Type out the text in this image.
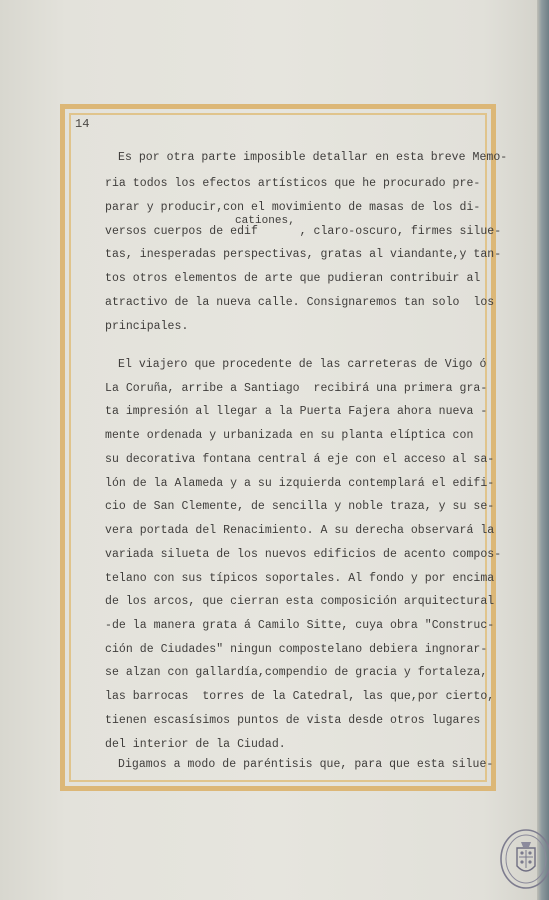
14
Es por otra parte imposible detallar en esta breve Memo-
ria todos los efectos artísticos que he procurado pre-
parar y producir,con el movimiento de masas de los di-
cationes,
versos cuerpos de edif      , claro-oscuro, firmes silue-
tas, inesperadas perspectivas, gratas al viandante,y tan-
tos otros elementos de arte que pudieran contribuir al
atractivo de la nueva calle. Consignaremos tan solo  los
principales.
El viajero que procedente de las carreteras de Vigo ó
La Coruña, arribe a Santiago  recibirá una primera gra-
ta impresión al llegar a la Puerta Fajera ahora nueva -
mente ordenada y urbanizada en su planta elíptica con
su decorativa fontana central á eje con el acceso al sa-
lón de la Alameda y a su izquierda contemplará el edifi-
cio de San Clemente, de sencilla y noble traza, y su se-
vera portada del Renacimiento. A su derecha observará la
variada silueta de los nuevos edificios de acento compos-
telano con sus típicos soportales. Al fondo y por encima
de los arcos, que cierran esta composición arquitectural
-de la manera grata á Camilo Sitte, cuya obra "Construc-
ción de Ciudades" ningun compostelano debiera ingnorar-
se alzan con gallardía,compendio de gracia y fortaleza,
las barrocas  torres de la Catedral, las que,por cierto,
tienen escasísimos puntos de vista desde otros lugares
del interior de la Ciudad.
Digamos a modo de paréntisis que, para que esta silue-
